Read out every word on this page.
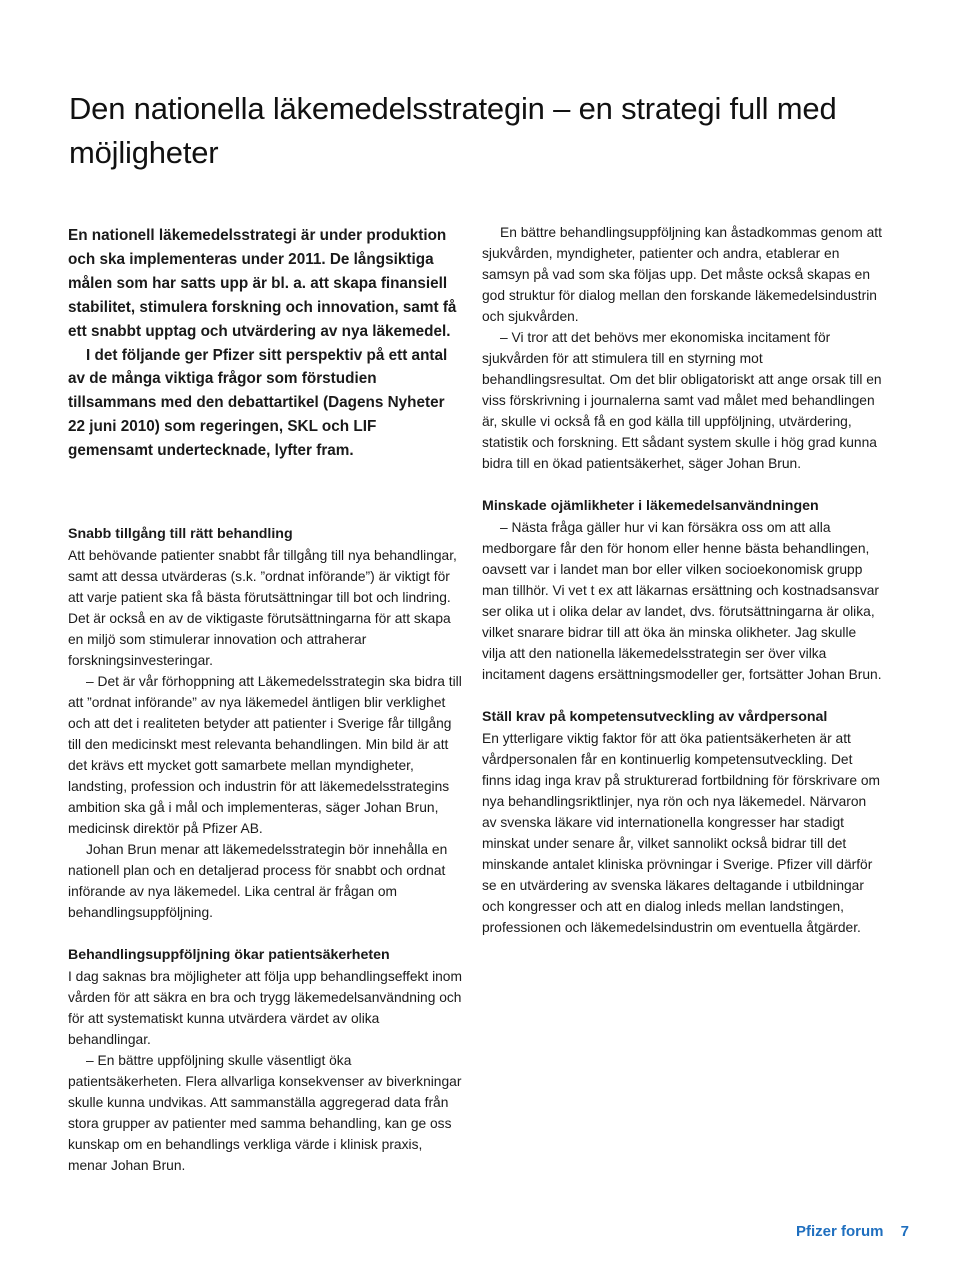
Den nationella läkemedelsstrategin – en strategi full med möjligheter

En nationell läkemedelsstrategi är under produktion och ska implementeras under 2011. De långsiktiga målen som har satts upp är bl. a. att skapa finansiell stabilitet, stimulera forskning och innovation, samt få ett snabbt upptag och utvärdering av nya läkemedel.

I det följande ger Pfizer sitt perspektiv på ett antal av de många viktiga frågor som förstudien tillsammans med den debattartikel (Dagens Nyheter 22 juni 2010) som regeringen, SKL och LIF gemensamt undertecknade, lyfter fram.

Snabb tillgång till rätt behandling

Att behövande patienter snabbt får tillgång till nya behandlingar, samt att dessa utvärderas (s.k. ”ordnat införande”) är viktigt för att varje patient ska få bästa förutsättningar till bot och lindring. Det är också en av de viktigaste förutsättningarna för att skapa en miljö som stimulerar innovation och attraherar forskningsinvesteringar.

– Det är vår förhoppning att Läkemedelsstrategin ska bidra till att ”ordnat införande” av nya läkemedel äntligen blir verklighet och att det i realiteten betyder att patienter i Sverige får tillgång till den medicinskt mest relevanta behandlingen. Min bild är att det krävs ett mycket gott samarbete mellan myndigheter, landsting, profession och industrin för att läkemedelsstrategins ambition ska gå i mål och implementeras, säger Johan Brun, medicinsk direktör på Pfizer AB.

Johan Brun menar att läkemedelsstrategin bör innehålla en nationell plan och en detaljerad process för snabbt och ordnat införande av nya läkemedel. Lika central är frågan om behandlingsuppföljning.

Behandlingsuppföljning ökar patientsäkerheten

I dag saknas bra möjligheter att följa upp behandlingseffekt inom vården för att säkra en bra och trygg läkemedelsanvändning och för att systematiskt kunna utvärdera värdet av olika behandlingar.

– En bättre uppföljning skulle väsentligt öka patientsäkerheten. Flera allvarliga konsekvenser av biverkningar skulle kunna undvikas. Att sammanställa aggregerad data från stora grupper av patienter med samma behandling, kan ge oss kunskap om en behandlings verkliga värde i klinisk praxis, menar Johan Brun.

En bättre behandlingsuppföljning kan åstadkommas genom att sjukvården, myndigheter, patienter och andra, etablerar en samsyn på vad som ska följas upp. Det måste också skapas en god struktur för dialog mellan den forskande läkemedelsindustrin och sjukvården.

– Vi tror att det behövs mer ekonomiska incitament för sjukvården för att stimulera till en styrning mot behandlingsresultat. Om det blir obligatoriskt att ange orsak till en viss förskrivning i journalerna samt vad målet med behandlingen är, skulle vi också få en god källa till uppföljning, utvärdering, statistik och forskning. Ett sådant system skulle i hög grad kunna bidra till en ökad patientsäkerhet, säger Johan Brun.

Minskade ojämlikheter i läkemedelsanvändningen

– Nästa fråga gäller hur vi kan försäkra oss om att alla medborgare får den för honom eller henne bästa behandlingen, oavsett var i landet man bor eller vilken socioekonomisk grupp man tillhör. Vi vet t ex att läkarnas ersättning och kostnadsansvar ser olika ut i olika delar av landet, dvs. förutsättningarna är olika, vilket snarare bidrar till att öka än minska olikheter. Jag skulle vilja att den nationella läkemedelsstrategin ser över vilka incitament dagens ersättningsmodeller ger, fortsätter Johan Brun.

Ställ krav på kompetensutveckling av vårdpersonal

En ytterligare viktig faktor för att öka patientsäkerheten är att vårdpersonalen får en kontinuerlig kompetensutveckling. Det finns idag inga krav på strukturerad fortbildning för förskrivare om nya behandlingsriktlinjer, nya rön och nya läkemedel. Närvaron av svenska läkare vid internationella kongresser har stadigt minskat under senare år, vilket sannolikt också bidrar till det minskande antalet kliniska prövningar i Sverige. Pfizer vill därför se en utvärdering av svenska läkares deltagande i utbildningar och kongresser och att en dialog inleds mellan landstingen, professionen och läkemedelsindustrin om eventuella åtgärder.

Pfizer forum 7
